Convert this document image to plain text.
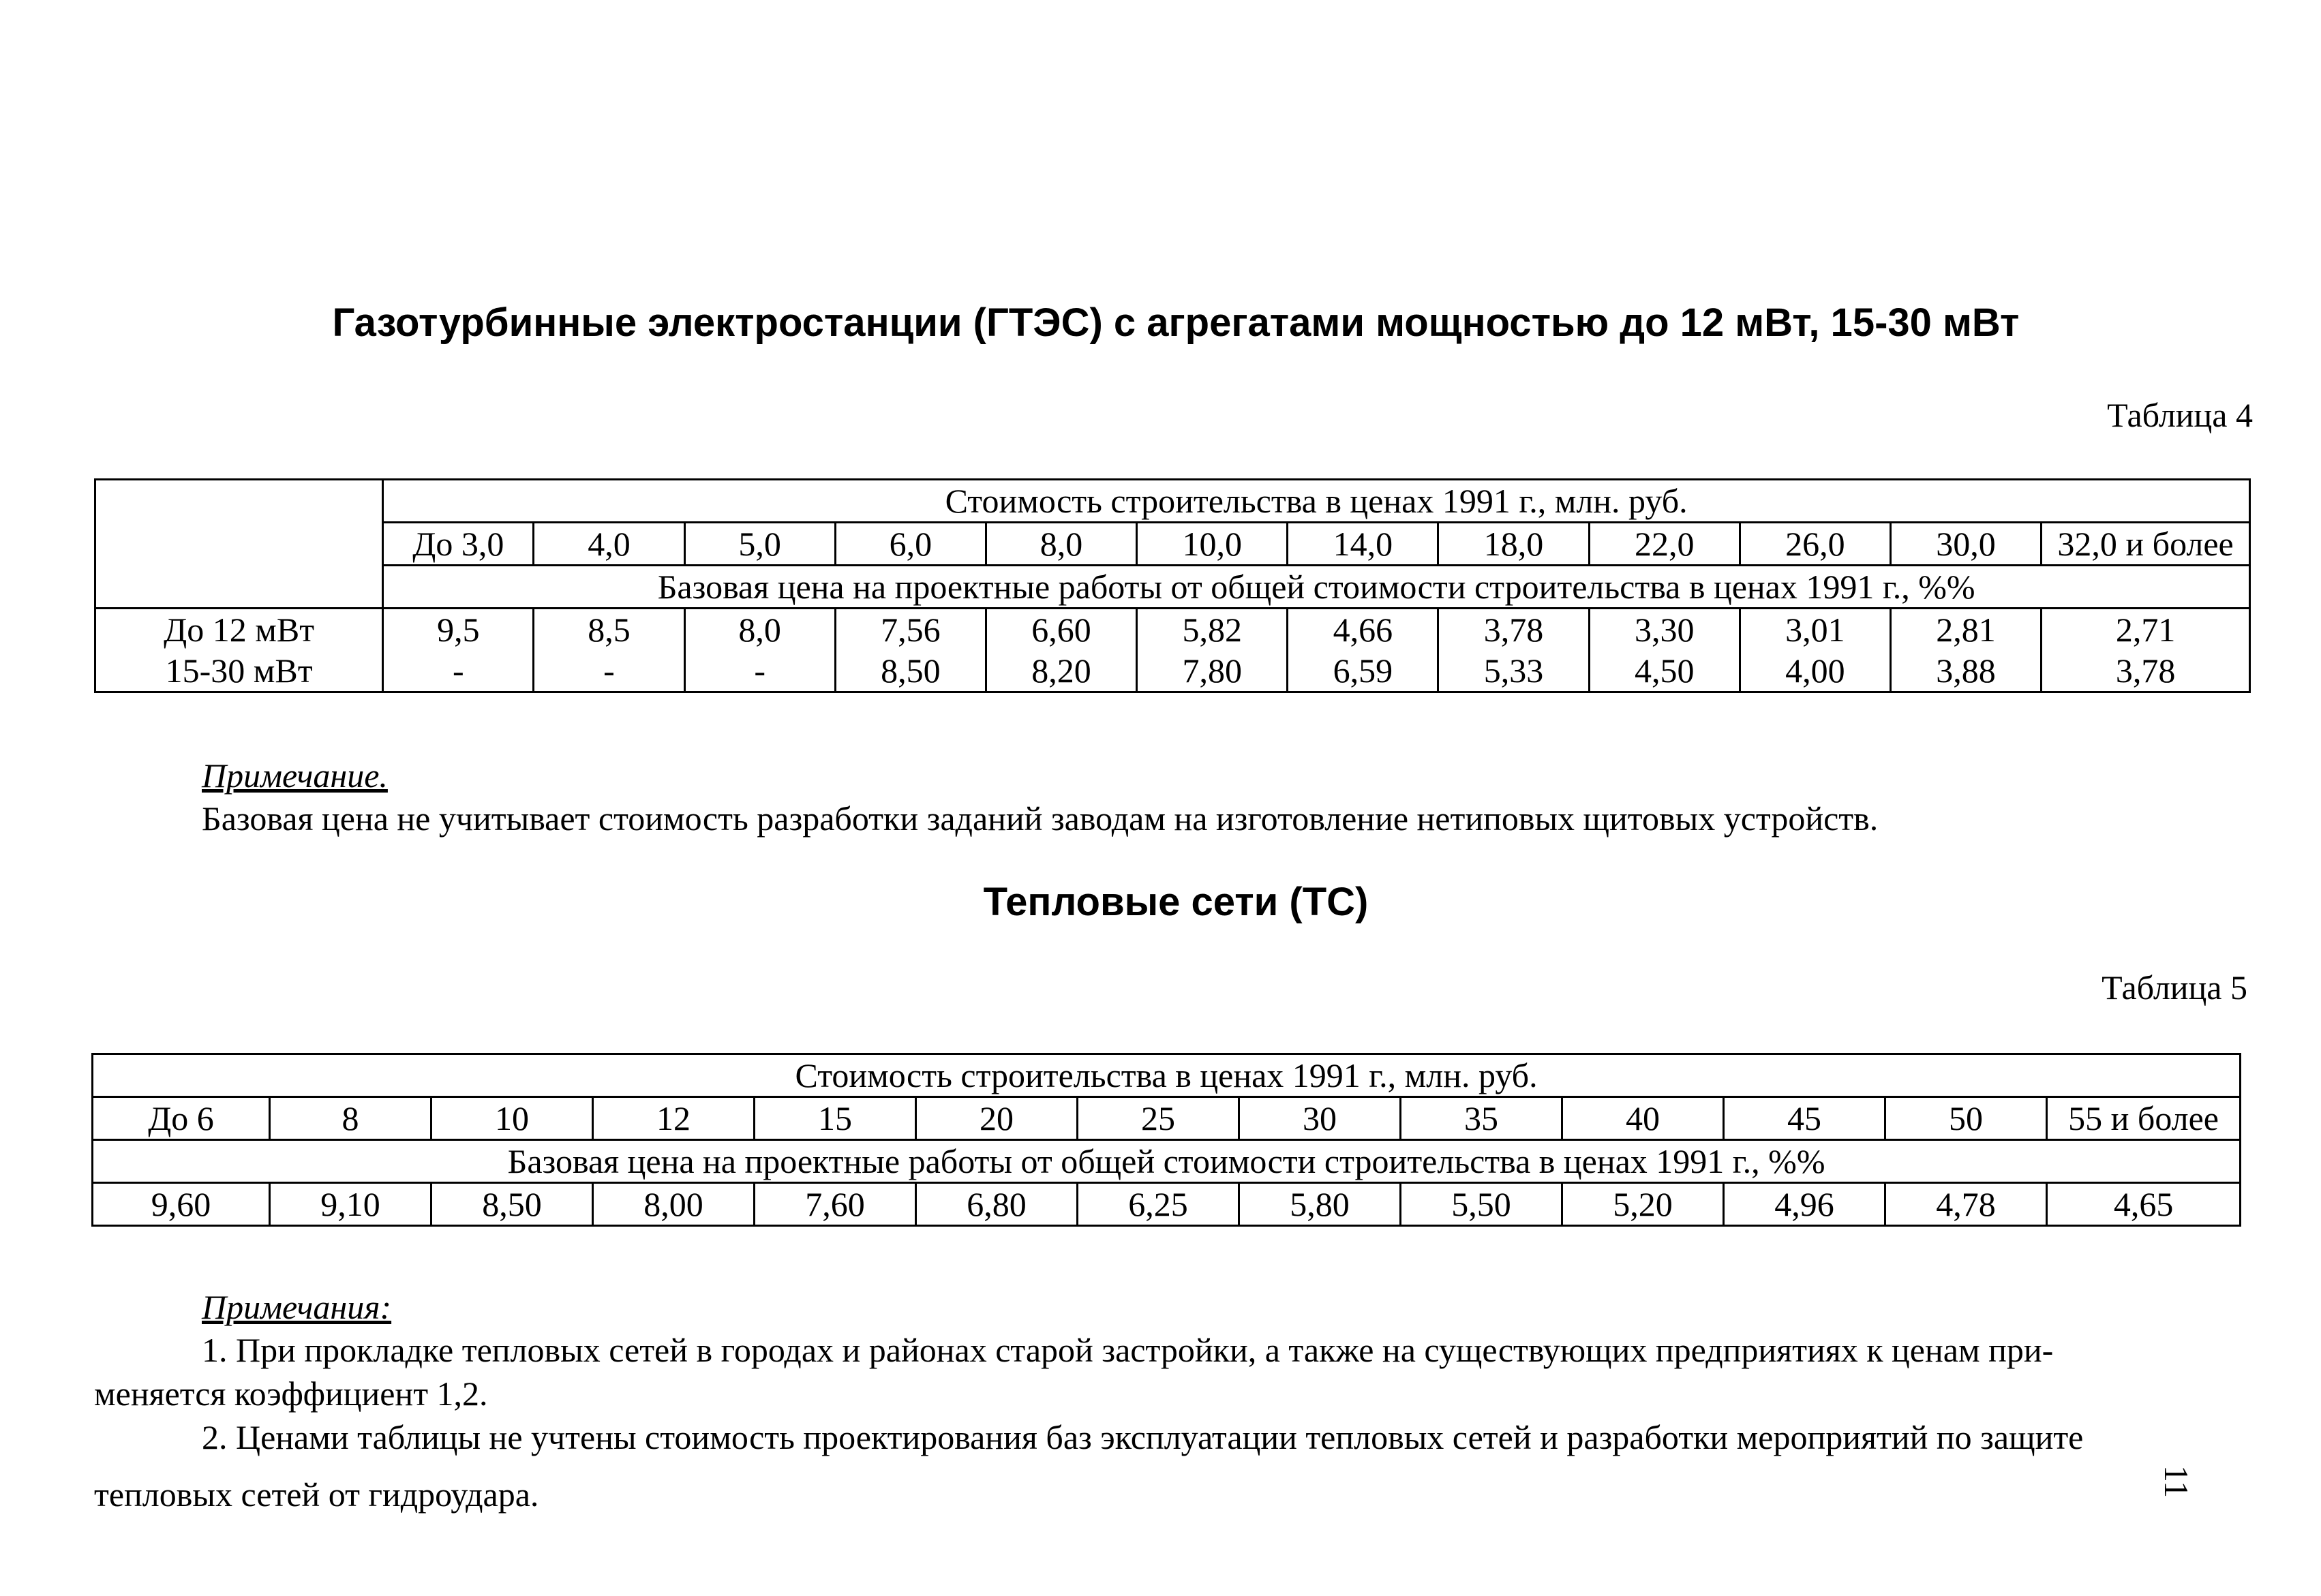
Газотурбинные электростанции (ГТЭС) с агрегатами мощностью до 12 мВт, 15-30 мВт
Таблица 4
	Стоимость строительства в ценах 1991 г., млн. руб.											
	До 3,0	4,0	5,0	6,0	8,0	10,0	14,0	18,0	22,0	26,0	30,0	32,0 и более
	Базовая цена на проектные работы от общей стоимости строительства в ценах 1991 г., %%											
До 12 мВт	9,5	8,5	8,0	7,56	6,60	5,82	4,66	3,78	3,30	3,01	2,81	2,71
15-30 мВт	-	-	-	8,50	8,20	7,80	6,59	5,33	4,50	4,00	3,88	3,78
Примечание.
Базовая цена не учитывает стоимость разработки заданий заводам на изготовление нетиповых щитовых устройств.
Тепловые сети (ТС)
Таблица 5
Стоимость строительства в ценах 1991 г., млн. руб.												
До 6	8	10	12	15	20	25	30	35	40	45	50	55 и более
Базовая цена на проектные работы от общей стоимости строительства в ценах 1991 г., %%												
9,60	9,10	8,50	8,00	7,60	6,80	6,25	5,80	5,50	5,20	4,96	4,78	4,65
Примечания:
1. При прокладке тепловых сетей в городах и районах старой застройки, а также на существующих предприятиях к ценам при-
меняется коэффициент 1,2.
2. Ценами таблицы не учтены стоимость проектирования баз эксплуатации тепловых сетей и разработки мероприятий по защите
тепловых сетей от гидроудара.	11
